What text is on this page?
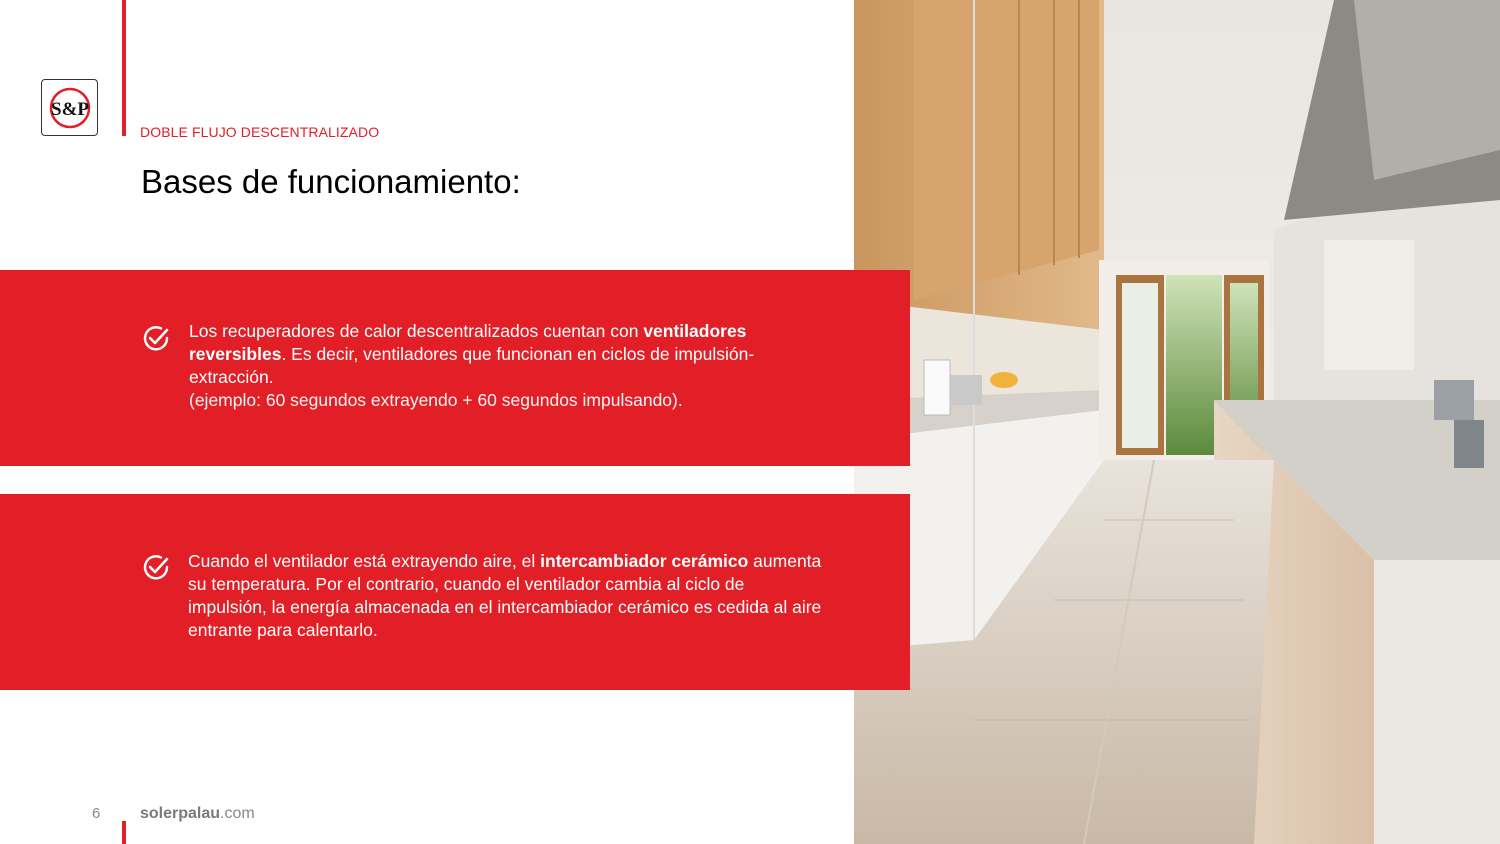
S&P
DOBLE FLUJO DESCENTRALIZADO
Bases de funcionamiento:

Los recuperadores de calor descentralizados cuentan con ventiladores reversibles. Es decir, ventiladores que funcionan en ciclos de impulsión-extracción.
(ejemplo: 60 segundos extrayendo + 60 segundos impulsando).

Cuando el ventilador está extrayendo aire, el intercambiador cerámico aumenta su temperatura. Por el contrario, cuando el ventilador cambia al ciclo de impulsión, la energía almacenada en el intercambiador cerámico es cedida al aire entrante para calentarlo.

6 solerpalau.com
